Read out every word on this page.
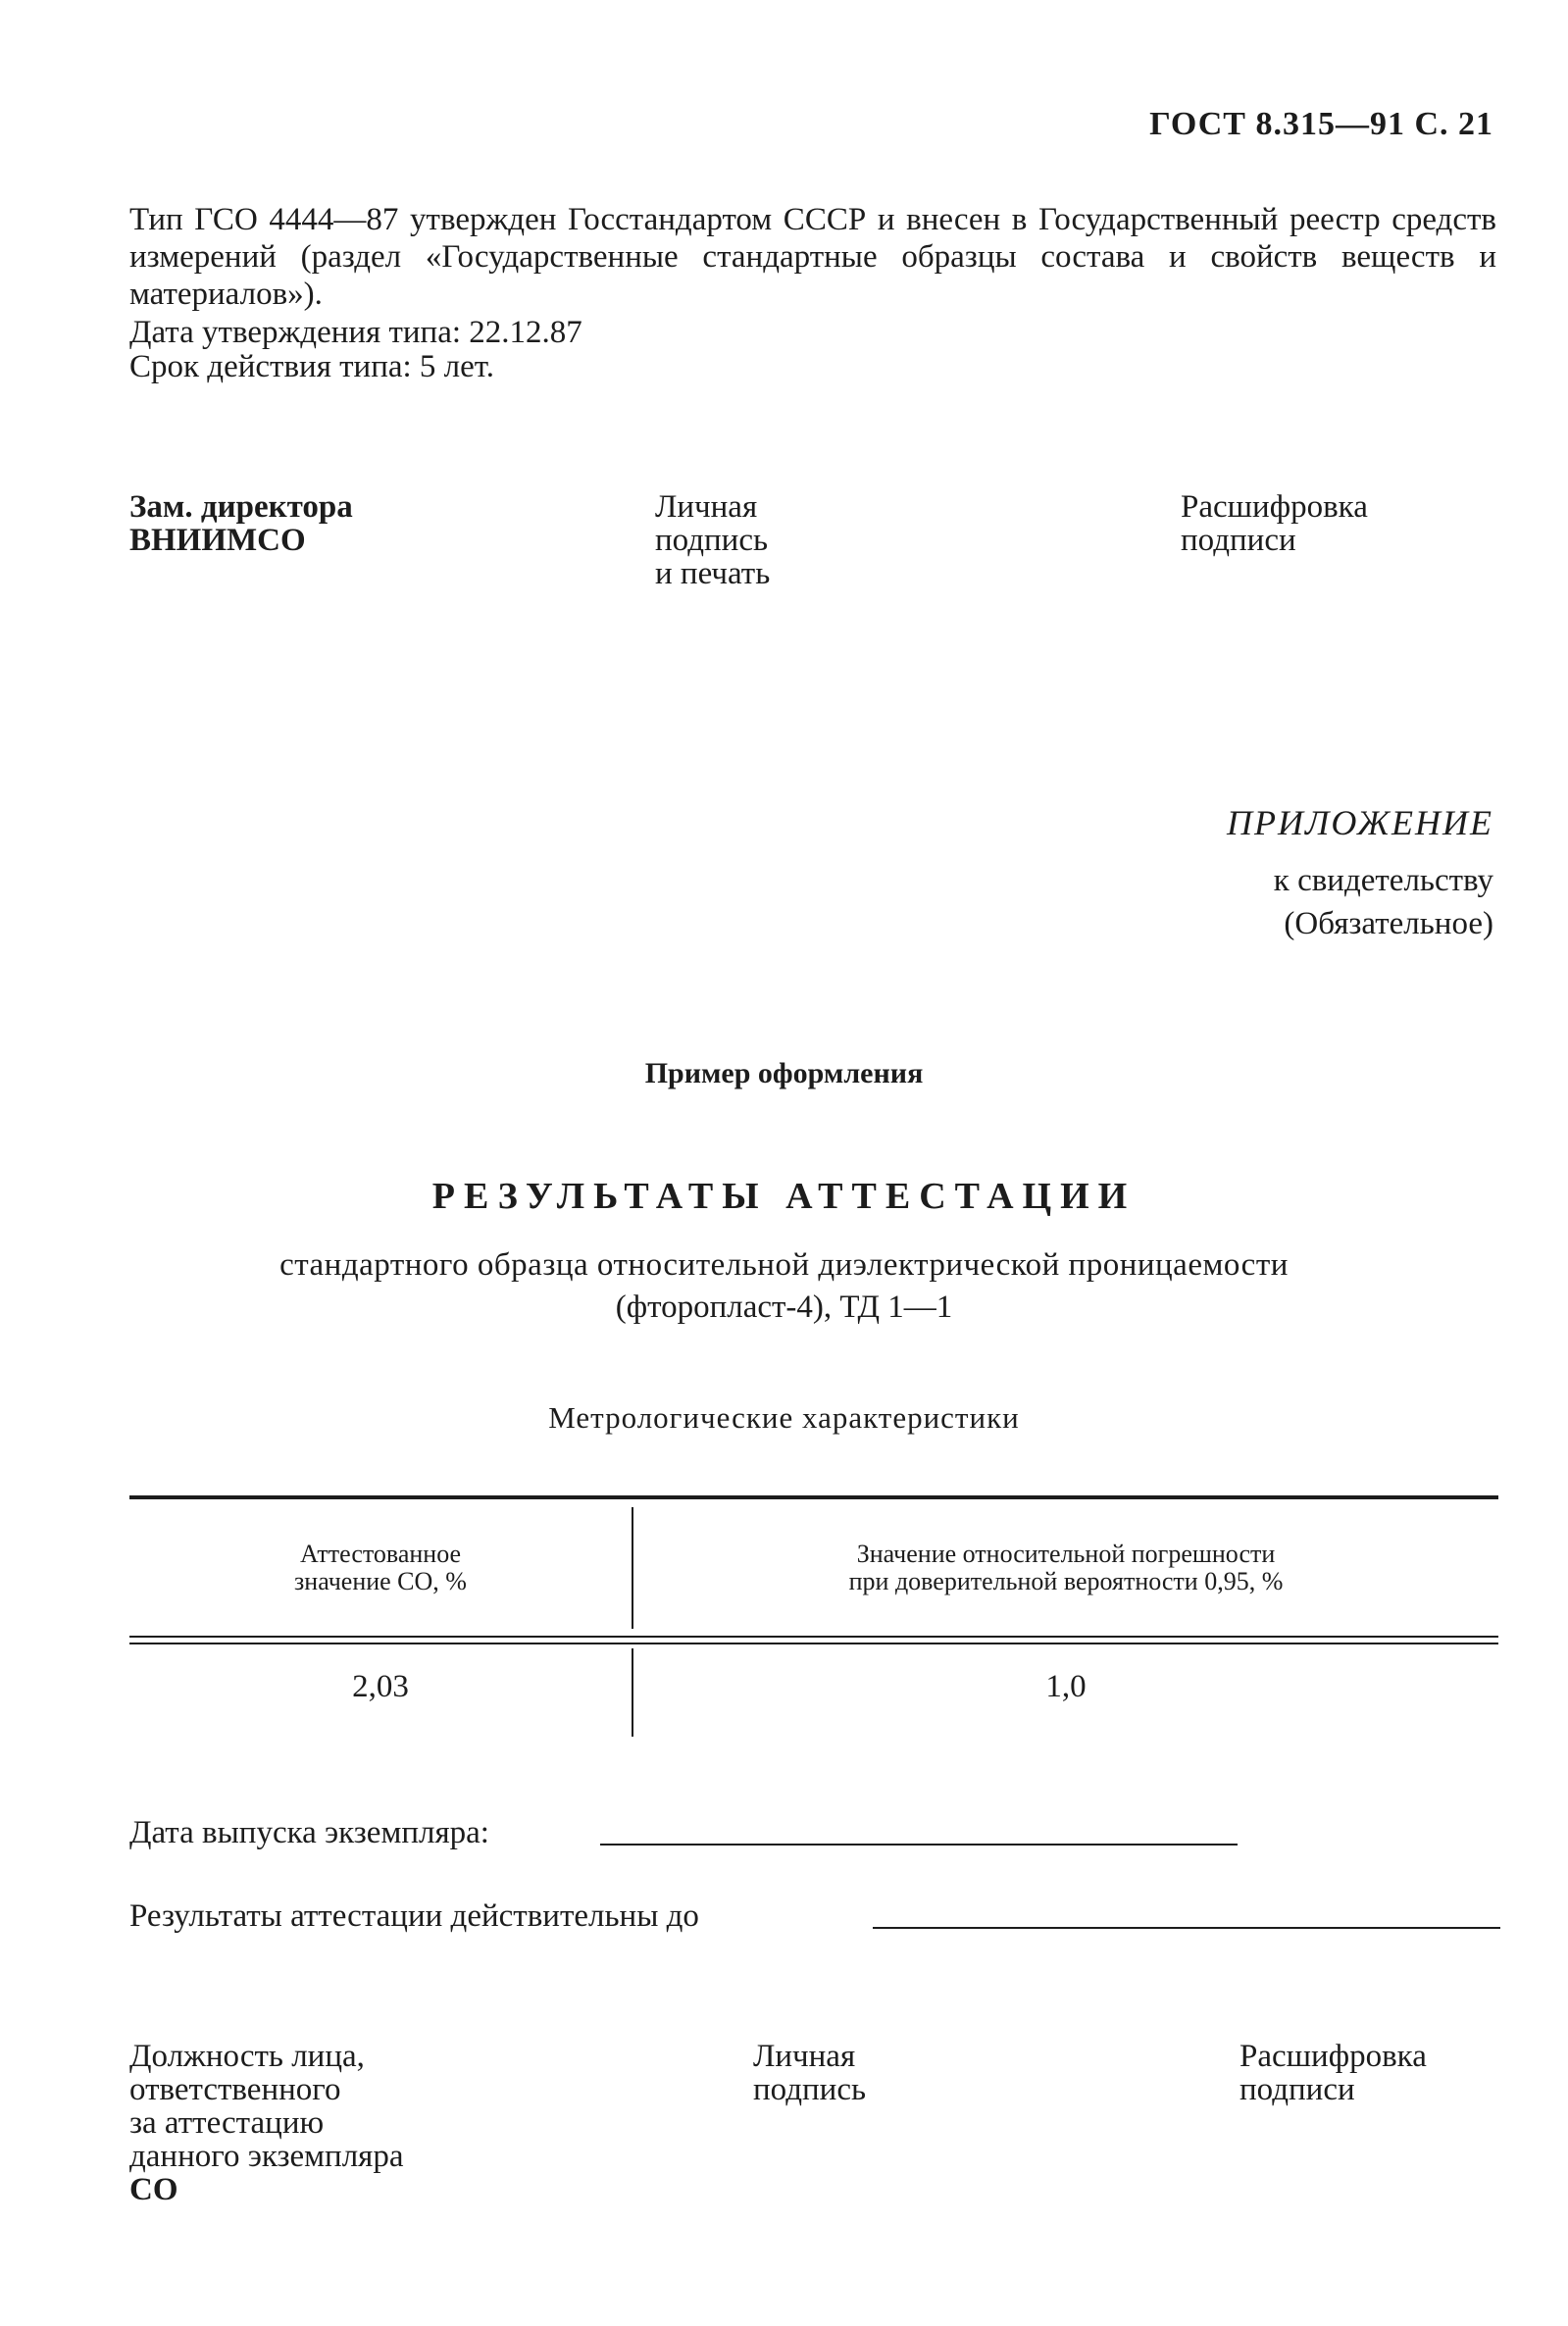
ГОСТ 8.315—91 С. 21
Тип ГСО 4444—87 утвержден Госстандартом СССР и внесен в Государственный реестр средств измерений (раздел «Государственные стандартные образцы состава и свойств веществ и материалов»).
Дата утверждения типа: 22.12.87
Срок действия типа: 5 лет.
Зам. директора
ВНИИМСО
Личная
подпись
и печать
Расшифровка
подписи
ПРИЛОЖЕНИЕ
к свидетельству
(Обязательное)
Пример оформления
РЕЗУЛЬТАТЫ АТТЕСТАЦИИ
стандартного образца относительной диэлектрической проницаемости
(фторопласт-4), ТД 1—1
Метрологические характеристики
Аттестованное
значение СО, %
Значение относительной погрешности
при доверительной вероятности 0,95, %
2,03	1,0
Дата выпуска экземпляра:
Результаты аттестации действительны до
Должность лица,
ответственного
за аттестацию
данного экземпляра
СО
Личная
подпись
Расшифровка
подписи
